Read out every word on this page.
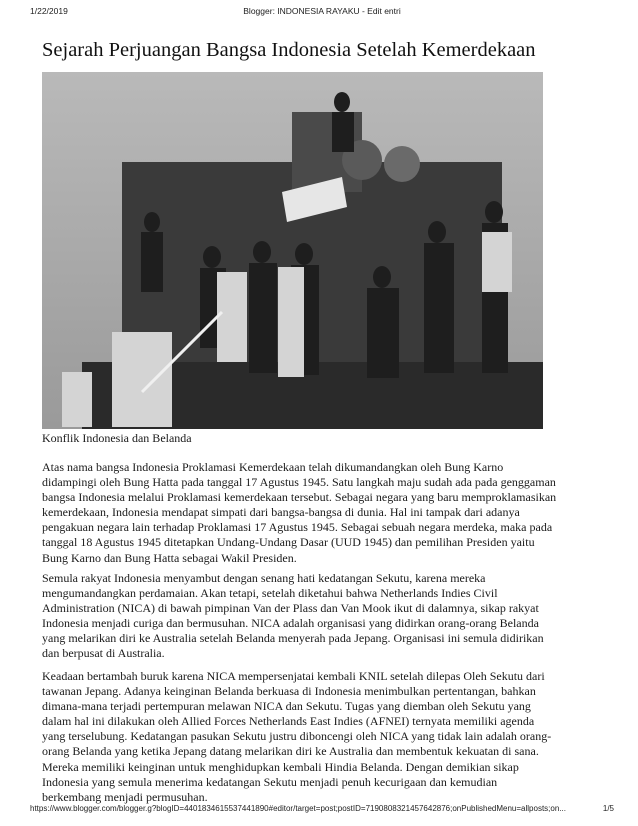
1/22/2019	Blogger: INDONESIA RAYAKU - Edit entri
Sejarah Perjuangan Bangsa Indonesia Setelah Kemerdekaan
Konflik Indonesia dan Belanda

Atas nama bangsa Indonesia Proklamasi Kemerdekaan telah dikumandangkan oleh Bung Karno didampingi oleh Bung Hatta pada tanggal 17 Agustus 1945. Satu langkah maju sudah ada pada genggaman bangsa Indonesia melalui Proklamasi kemerdekaan tersebut. Sebagai negara yang baru memproklamasikan kemerdekaan, Indonesia mendapat simpati dari bangsa-bangsa di dunia. Hal ini tampak dari adanya pengakuan negara lain terhadap Proklamasi 17 Agustus 1945. Sebagai sebuah negara merdeka, maka pada tanggal 18 Agustus 1945 ditetapkan Undang-Undang Dasar (UUD 1945) dan pemilihan Presiden yaitu Bung Karno dan Bung Hatta sebagai Wakil Presiden.

Semula rakyat Indonesia menyambut dengan senang hati kedatangan Sekutu, karena mereka mengumandangkan perdamaian. Akan tetapi, setelah diketahui bahwa Netherlands Indies Civil Administration (NICA) di bawah pimpinan Van der Plass dan Van Mook ikut di dalamnya, sikap rakyat Indonesia menjadi curiga dan bermusuhan. NICA adalah organisasi yang didirkan orang-orang Belanda yang melarikan diri ke Australia setelah Belanda menyerah pada Jepang. Organisasi ini semula didirikan dan berpusat di Australia.

Keadaan bertambah buruk karena NICA mempersenjatai kembali KNIL setelah dilepas Oleh Sekutu dari tawanan Jepang. Adanya keinginan Belanda berkuasa di Indonesia menimbulkan pertentangan, bahkan dimana-mana terjadi pertempuran melawan NICA dan Sekutu. Tugas yang diemban oleh Sekutu yang dalam hal ini dilakukan oleh Allied Forces Netherlands East Indies (AFNEI) ternyata memiliki agenda yang terselubung. Kedatangan pasukan Sekutu justru diboncengi oleh NICA yang tidak lain adalah orang-orang Belanda yang ketika Jepang datang melarikan diri ke Australia dan membentuk kekuatan di sana. Mereka memiliki keinginan untuk menghidupkan kembali Hindia Belanda. Dengan demikian sikap Indonesia yang semula menerima kedatangan Sekutu menjadi penuh kecurigaan dan kemudian berkembang menjadi permusuhan.

https://www.blogger.com/blogger.g?blogID=4401834615537441890#editor/target=post;postID=7190808321457642876;onPublishedMenu=allposts;on...	1/5
